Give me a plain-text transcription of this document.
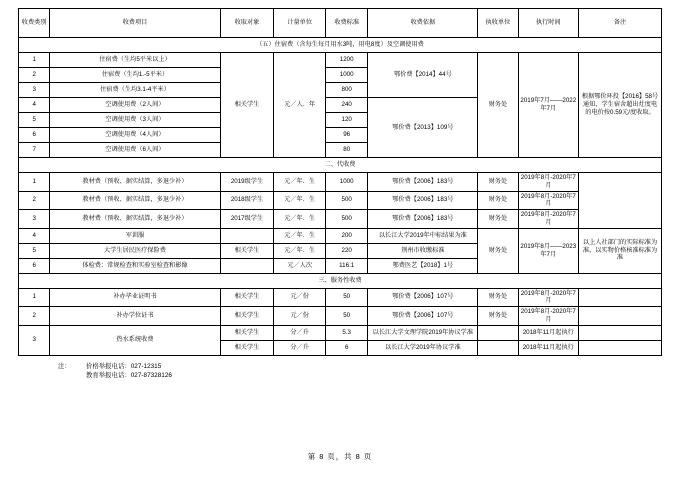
收费类别	收费项目	收取对象	计量单位	收费标准	收费依据	执收单位	执行时间	备注
（五）住宿费（含每生每月用水3吨，用电8度）及空调使用费								
1	住宿费（生均5平米以上）	相关学生	元／人．年	1200	鄂价费【2014】44号	财务处	2019年7月——2022年7月	根据鄂价环投【2016】58号通知，学生宿舍超出灶度电的电价按0.59元/度收取。
2	住宿费（生均1.-5平米）			1000				
3	住宿费（生均3.1-4平米）			800				
4	空调使用费（2人间）			240	鄂价费【2013】109号			
5	空调使用费（3人间）			120				
6	空调使用费（4人间）			96				
7	空调使用费（6人间）			80				
二、代收费								
1	教材费（预收、据实结算，多退少补）	2019级学生	元／年．生	1000	鄂价费【2006】183号	财务处	2019年8月-2020年7月	
2	教材费（预收、据实结算，多退少补）	2018级学生	元／年．生	500	鄂价费【2006】183号	财务处	2019年8月-2020年7月	
3	教材费（预收、据实结算，多退少补）	2017级学生	元／年．生	500	鄂价费【2006】183号	财务处	2019年8月-2020年7月	
4	军训服		元／年．生	200	以长江大学2019年中标结果为准	财务处	2019年8月——2023年7月	以上人社部门的实际标准为准，以实物价格核准标准为准
5	大学生居民医疗保险费	相关学生	元／年．生	220	荆州市收缴标准			
6	体检费：常规检查和实验室检查和影像		元／人次	116.1	鄂费医艺【2018】1号			
三、服务性收费								
1	补办毕业证明书	相关学生	元／份	50	鄂价费【2006】107号	财务处	2019年8月-2020年7月	
2	补办学位证书	相关学生	元／份	50	鄂价费【2006】107号	财务处	2019年8月-2020年7月	
3	热水系统收费	相关学生	分／升	5.3	以长江大学文理学院2019年协议学准		2018年11月起执行	
		相关学生	分／升	6	以长江大学2019年协议学准		2018年11月起执行	
注： 价格举报电话：027-12315
教育举报电话：027-87328126
第 8 页，共 8 页
